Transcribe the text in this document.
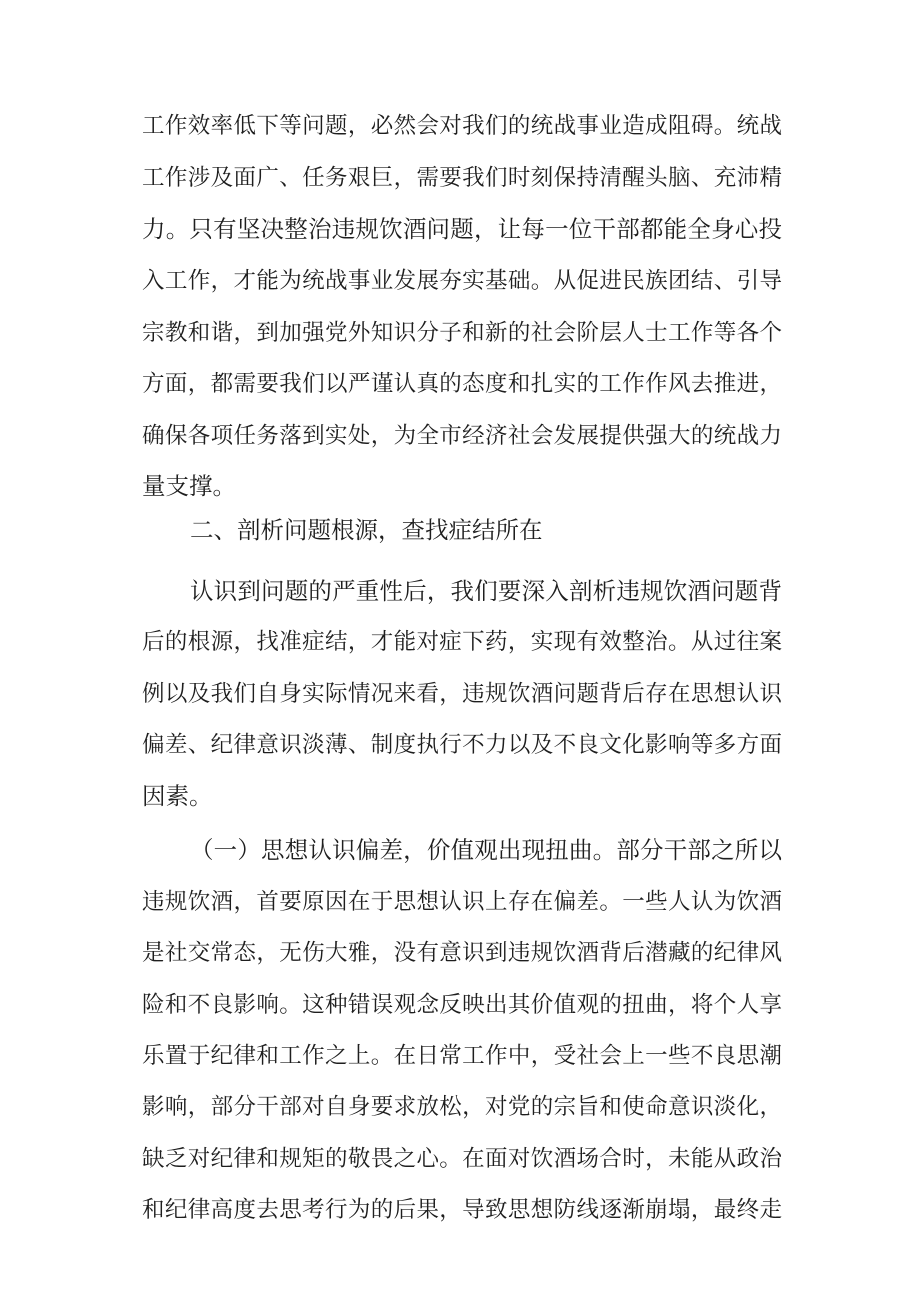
工作效率低下等问题，必然会对我们的统战事业造成阻碍。统战
工作涉及面广、任务艰巨，需要我们时刻保持清醒头脑、充沛精
力。只有坚决整治违规饮酒问题，让每一位干部都能全身心投
入工作，才能为统战事业发展夯实基础。从促进民族团结、引导
宗教和谐，到加强党外知识分子和新的社会阶层人士工作等各个
方面，都需要我们以严谨认真的态度和扎实的工作作风去推进，
确保各项任务落到实处，为全市经济社会发展提供强大的统战力
量支撑。
二、剖析问题根源，查找症结所在
认识到问题的严重性后，我们要深入剖析违规饮酒问题背
后的根源，找准症结，才能对症下药，实现有效整治。从过往案
例以及我们自身实际情况来看，违规饮酒问题背后存在思想认识
偏差、纪律意识淡薄、制度执行不力以及不良文化影响等多方面
因素。
（一）思想认识偏差，价值观出现扭曲。部分干部之所以
违规饮酒，首要原因在于思想认识上存在偏差。一些人认为饮酒
是社交常态，无伤大雅，没有意识到违规饮酒背后潜藏的纪律风
险和不良影响。这种错误观念反映出其价值观的扭曲，将个人享
乐置于纪律和工作之上。在日常工作中，受社会上一些不良思潮
影响，部分干部对自身要求放松，对党的宗旨和使命意识淡化，
缺乏对纪律和规矩的敬畏之心。在面对饮酒场合时，未能从政治
和纪律高度去思考行为的后果，导致思想防线逐渐崩塌，最终走
